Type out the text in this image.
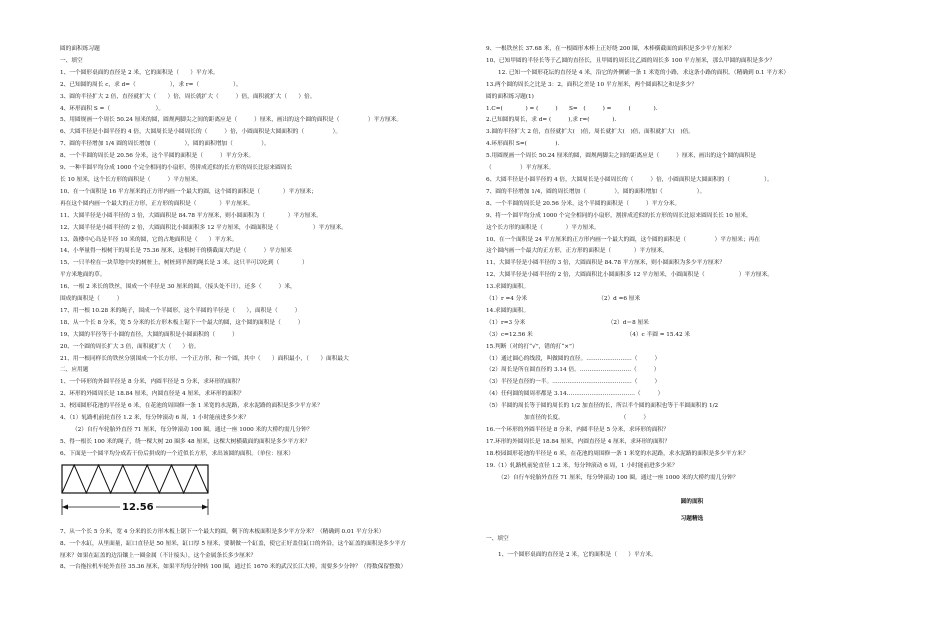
圆的面积练习题
一、填空
1、一个圆形桌面的直径是 2 米，它的面积是（　　）平方米。
2、已知圆的周长 c，求 d=（　　　　　　），求 r=（　　　　　　）。
3、圆的半径扩大 2 倍，直径就扩大（　　）倍，周长就扩大（　　　）倍，面积就扩大（　　）倍。
4、环形面积 S =（　　　　　　　　）。
5、用圆规画一个周长 50.24 厘米的圆，圆规两脚尖之间的距离应是（　　　）厘米，画出的这个圆的面积是（　　　　　）平方厘米。
6、大圆半径是小圆半径的 4 倍，大圆周长是小圆周长的（　　　）倍，小圆面积是大圆面积的（　　　　　）。
7、圆的半径增加 1/4 圆的周长增加（　　　　　），圆的面积增加（　　　　　）。
8、一个半圆的周长是 20.56 分米，这个半圆的面积是（　　　）平方分米。
9、一种半圆平均分成 1000 个完全相同的小扇形，剪拼成近似的长方形的周长比原来圆周长
长 10 厘米，这个长方形的面积是（　　　）平方厘米。
10、在一个面积是 16 平方厘米的正方形内画一个最大的圆，这个圆的面积是（　　　　）平方厘米；
再在这个圆内画一个最大的正方形，正方形的面积是（　　　　）平方厘米。
11、大圆半径是小圆半径的 3 倍，大圆面积是 84.78 平方厘米，则小圆面积为（　　　　）平方厘米。
12、大圆半径是小圆半径的 2 倍，大圆面积比小圆面积多 12 平方厘米，小圆面积是（　　　　　　）平方厘米。
13、鼓楼中心岛是半径 10 米的圆，它的占地面积是（　　）平方米。
14、小华量得一根树干的周长是 75.36 厘米，这根树干的横截面大约是（　　　）平方厘米
15、一只羊栓在一块草地中央的树桩上，树桩到羊颈的绳长是 3 米。这只羊可以吃到（　　　　）
平方米地面的草。
16、一根 2 米长的铁丝，围成一个半径是 30 厘米的圆，（接头处不计），还多（　　　）米，
围成的面积是（　　　）
17、用一根 10.28 米的绳子，围成一个半圆形，这个半圆的半径是（　　），面积是（　　　）
18、从一个长 8 分米，宽 5 分米的长方形木板上锯下一个最大的圆，这个圆的面积是（　　　）
19、大圆的半径等于小圆的直径，大圆的面积是小圆面积的（　　　）
20、一个圆的周长扩大 3 倍，面积就扩大（　　）倍。
21、用一根同样长的铁丝分别围成一个长方形、一个正方形、和一个圆，其中（　　）面积最小，（　　）面积最大
二、应用题
1、一个环形的外圆半径是 8 分米，内圆半径是 5 分米，求环形的面积？
2、环形的外圆周长是 18.84 厘米，内圆直径是 4 厘米，求环形的面积？
3、校园圆形花池的半径是 6 米，在花池的周围修一条 1 米宽的水泥路，求水泥路的面积是多少平方米？
4、（1）轧路机前轮直径 1.2 米，每分钟滚动 6 周，1 小时能前进多少米？
（2）自行车轮胎外直径 71 厘米，每分钟滚动 100 圈。通过一座 1000 米的大桥约需几分钟？
5、得一根长 100 米的绳子，绕一棵大树 20 圈多 48 厘米，这棵大树横截面的面积是多少平方米？
6、下面是一个圆平均分成若干份后拼成的一个近似长方形，求出该圆的面积。（单位：厘米）
12.56
7、从一个长 5 分米，宽 4 分米的长方形木板上锯下一个最大的圆，剩下的木板面积是多少平方分米？（精确到 0.01 平方分米）
8、一个水缸，从里面量，缸口直径是 50 厘米，缸口厚 5 厘米，要制做一个缸盖，使它正好盖住缸口的外沿，这个缸盖的面积是多少平方
厘米？如果在缸盖的边沿镶上一圈金属（不计接头），这个金属条长多少厘米？
8、一台拖拉机车轮外直径 35.36 厘米，如果平均每分钟转 100 圈，通过长 1670 米的武汉长江大桥，需要多少分钟？（得数保留整数）
9、一根铁丝长 37.68 米，在一根圆形木棒上正好绕 200 圈，木棒横截面的面积是多少平方厘米？
10、已知甲圆的半径长等于乙圆的直径长，且甲圆的周长比乙圆的周长多 100 平方厘米，那么甲圆的面积是多少？
12. 已知一个圆形花坛的直径是 4 米，沿它的外侧铺一条 1 米宽的小路，求这条小路的面积。（精确到 0.1 平方米）
13.两个圆的周长之比是 3：2，面积之差是 10 平方厘米，两个圆面积之和是多少？
圆的面积练习题(1)
1.C=(　　　　) = (　　　)　　S=　(　　　) =　　　(　　　　).
2.已知圆的周长，求 d= (　　　),求 r=(　　　　).
3.圆的半径扩大 2 倍，直径就扩大(　)倍，周长就扩大(　)倍，面积就扩大(　)倍。
4.环形面积 S=(　　　　　).
5.用圆规画一个周长 50.24 厘米的圆，圆规两脚尖之间的距离应是（　　　）厘米，画出的这个圆的面积是
（　　　　　）平方厘米。
6、大圆半径是小圆半径的 4 倍，大圆周长是小圆周长的（　　　）倍，小圆面积是大圆面积的（　　　　　　）。
7、圆的半径增加 1/4，圆的周长增加（　　　　　），圆的面积增加（　　　　　　）。
8、一个半圆的周长是 20.56 分米，这个半圆的面积是（　　　）平方分米。
9、将一个圆平均分成 1000 个完全相同的小扇形，割拼成近似的长方形的周长比原来圆周长长 10 厘米，
这个长方形的面积是（　　　　）平方厘米。
10、在一个面积是 24 平方厘米的正方形内画一个最大的圆，这个圆的面积是（　　　　　）平方厘米；再在
这个圆内画一个最大的正方形，正方形的面积是（　　　　）平方厘米。
11、大圆半径是小圆半径的 3 倍，大圆面积是 84.78 平方厘米，则小圆面积为多少平方厘米？
12、大圆半径是小圆半径的 2 倍，大圆面积比小圆面积多 12 平方厘米，小圆面积是（　　　　　　）平方厘米。
13.求圆的面积。
（1）r =4 分米　　　　　　　　　　　　　（2）d =6 厘米
14.求圆的面积。
（1）r=3 分米　　　　　　　　　　　　　　　（2）d＝8 厘米
（3）c=12.56 米　　　　　　　　　　　　　　　　　（4）c 半圆 = 15.42 米
15.判断（对的打“√”，错的打“×”）
（1）通过圆心的线段，叫做圆的直径。……………………（　　　）
（2）周长是所在圆直径的 3.14 倍。………………………（　　　）
（3）半径是直径的一半。……………………………………（　　　）
（4）任何圆的圆周率都是 3.14………………………………（　　　）
（5）半圆的周长等于圆的周长的 1/2 加直径的长，所以半个圆的面积也等于半圆面积的 1/2
加直径的长度。　　　　　　　　　　　（　　　）
16.一个环形的外圆半径是 8 分米，内圆半径是 5 分米，求环形的面积？
17.环形的外圆周长是 18.84 厘米，内圆直径是 4 厘米，求环形的面积？
18.校园圆形花池的半径是 6 米，在花池的周围修一条 1 米宽的水泥路，求水泥路的面积是多少平方米？
19.（1）轧路机前轮直径 1.2 米，每分钟滚动 6 周，1 小时能前进多少米？
（2）自行车轮胎外直径 71 厘米，每分钟滚动 100 圈。通过一座 1000 米的大桥约需几分钟？
圆的面积
习题精选
一、填空
1、一个圆形桌面的直径是 2 米，它的面积是（　　）平方米。
